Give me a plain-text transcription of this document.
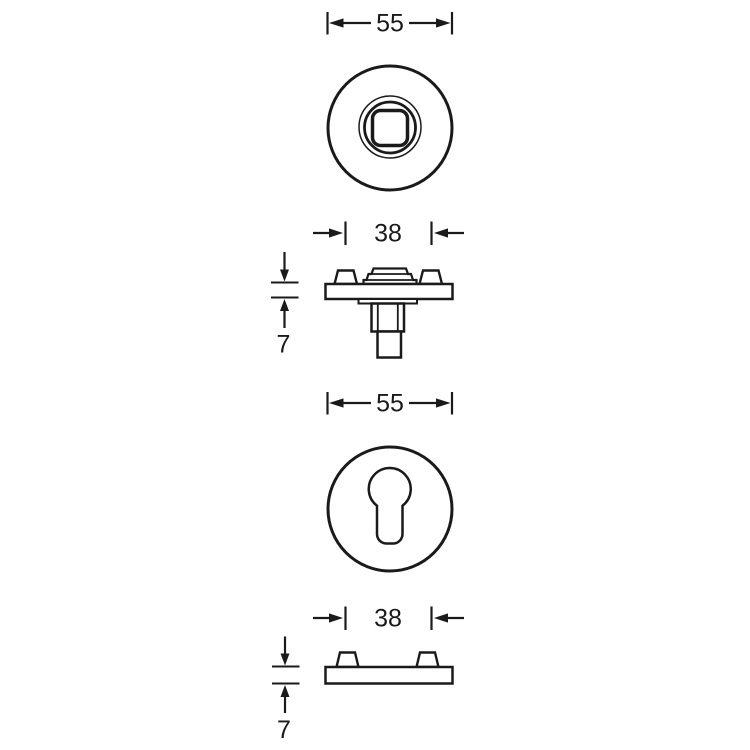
55
38
7
55
38
7
